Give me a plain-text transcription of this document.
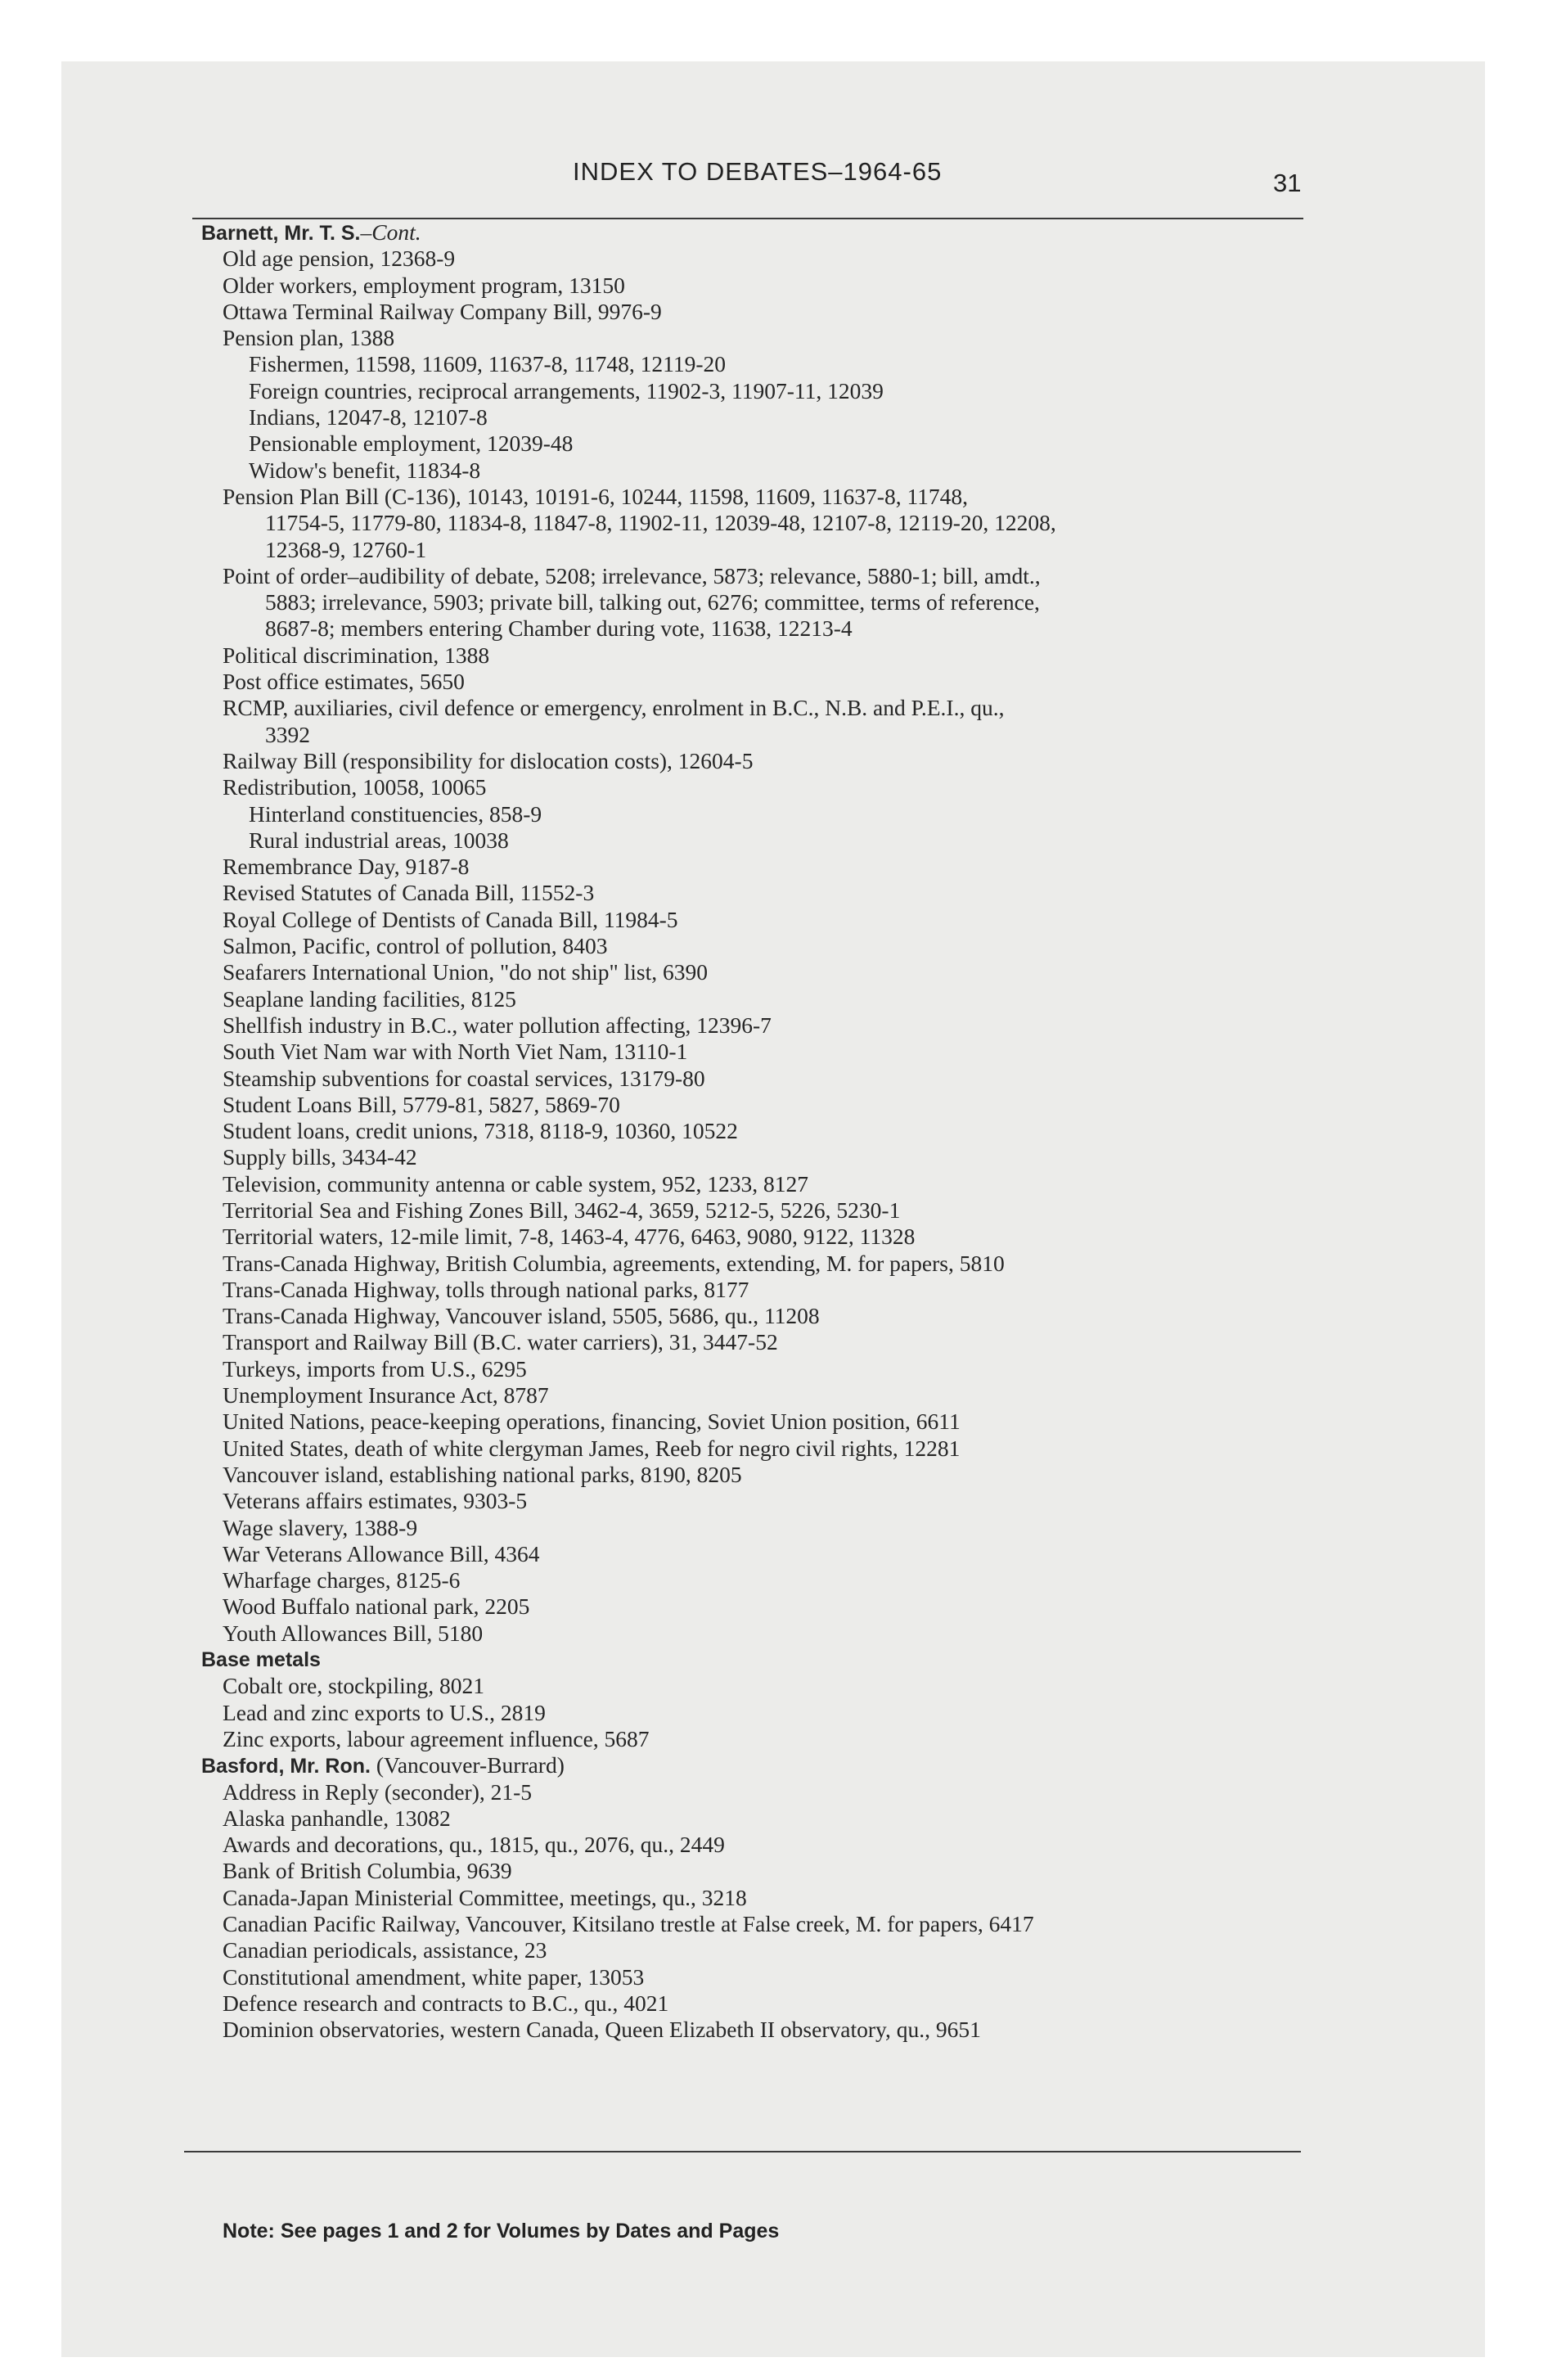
INDEX TO DEBATES–1964-65	31
Barnett, Mr. T. S.–Cont.
Old age pension, 12368-9
Older workers, employment program, 13150
Ottawa Terminal Railway Company Bill, 9976-9
Pension plan, 1388
Fishermen, 11598, 11609, 11637-8, 11748, 12119-20
Foreign countries, reciprocal arrangements, 11902-3, 11907-11, 12039
Indians, 12047-8, 12107-8
Pensionable employment, 12039-48
Widow's benefit, 11834-8
Pension Plan Bill (C-136), 10143, 10191-6, 10244, 11598, 11609, 11637-8, 11748,
11754-5, 11779-80, 11834-8, 11847-8, 11902-11, 12039-48, 12107-8, 12119-20, 12208,
12368-9, 12760-1
Point of order–audibility of debate, 5208; irrelevance, 5873; relevance, 5880-1; bill, amdt.,
5883; irrelevance, 5903; private bill, talking out, 6276; committee, terms of reference,
8687-8; members entering Chamber during vote, 11638, 12213-4
Political discrimination, 1388
Post office estimates, 5650
RCMP, auxiliaries, civil defence or emergency, enrolment in B.C., N.B. and P.E.I., qu.,
3392
Railway Bill (responsibility for dislocation costs), 12604-5
Redistribution, 10058, 10065
Hinterland constituencies, 858-9
Rural industrial areas, 10038
Remembrance Day, 9187-8
Revised Statutes of Canada Bill, 11552-3
Royal College of Dentists of Canada Bill, 11984-5
Salmon, Pacific, control of pollution, 8403
Seafarers International Union, "do not ship" list, 6390
Seaplane landing facilities, 8125
Shellfish industry in B.C., water pollution affecting, 12396-7
South Viet Nam war with North Viet Nam, 13110-1
Steamship subventions for coastal services, 13179-80
Student Loans Bill, 5779-81, 5827, 5869-70
Student loans, credit unions, 7318, 8118-9, 10360, 10522
Supply bills, 3434-42
Television, community antenna or cable system, 952, 1233, 8127
Territorial Sea and Fishing Zones Bill, 3462-4, 3659, 5212-5, 5226, 5230-1
Territorial waters, 12-mile limit, 7-8, 1463-4, 4776, 6463, 9080, 9122, 11328
Trans-Canada Highway, British Columbia, agreements, extending, M. for papers, 5810
Trans-Canada Highway, tolls through national parks, 8177
Trans-Canada Highway, Vancouver island, 5505, 5686, qu., 11208
Transport and Railway Bill (B.C. water carriers), 31, 3447-52
Turkeys, imports from U.S., 6295
Unemployment Insurance Act, 8787
United Nations, peace-keeping operations, financing, Soviet Union position, 6611
United States, death of white clergyman James, Reeb for negro civil rights, 12281
Vancouver island, establishing national parks, 8190, 8205
Veterans affairs estimates, 9303-5
Wage slavery, 1388-9
War Veterans Allowance Bill, 4364
Wharfage charges, 8125-6
Wood Buffalo national park, 2205
Youth Allowances Bill, 5180
Base metals
Cobalt ore, stockpiling, 8021
Lead and zinc exports to U.S., 2819
Zinc exports, labour agreement influence, 5687
Basford, Mr. Ron. (Vancouver-Burrard)
Address in Reply (seconder), 21-5
Alaska panhandle, 13082
Awards and decorations, qu., 1815, qu., 2076, qu., 2449
Bank of British Columbia, 9639
Canada-Japan Ministerial Committee, meetings, qu., 3218
Canadian Pacific Railway, Vancouver, Kitsilano trestle at False creek, M. for papers, 6417
Canadian periodicals, assistance, 23
Constitutional amendment, white paper, 13053
Defence research and contracts to B.C., qu., 4021
Dominion observatories, western Canada, Queen Elizabeth II observatory, qu., 9651
Note: See pages 1 and 2 for Volumes by Dates and Pages
